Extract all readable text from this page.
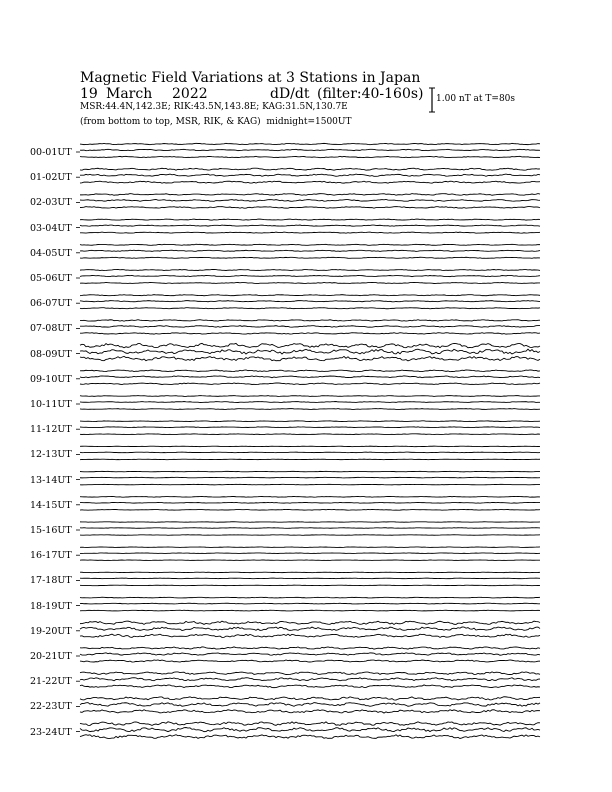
Magnetic Field Variations at 3 Stations in Japan
19 March 2022	dD/dt (filter:40-160s)
MSR:44.4N,142.3E; RIK:43.5N,143.8E; KAG:31.5N,130.7E
(from bottom to top, MSR, RIK, & KAG) midnight=1500UT
1.00 nT at T=80s
00-01UT
01-02UT
02-03UT
03-04UT
04-05UT
05-06UT
06-07UT
07-08UT
08-09UT
09-10UT
10-11UT
11-12UT
12-13UT
13-14UT
14-15UT
15-16UT
16-17UT
17-18UT
18-19UT
19-20UT
20-21UT
21-22UT
22-23UT
23-24UT
